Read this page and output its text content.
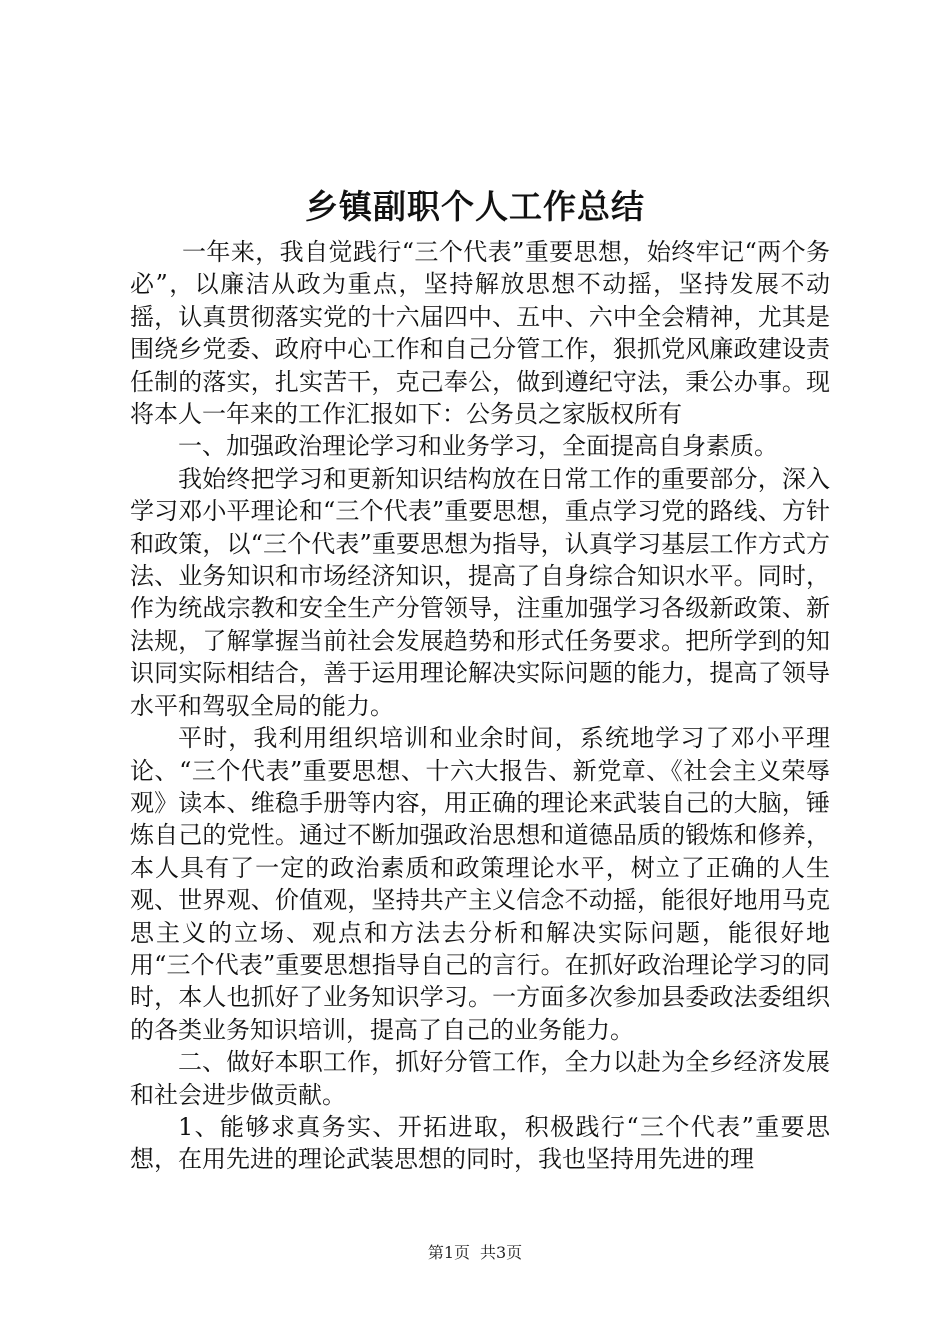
乡镇副职个人工作总结

一年来，我自觉践行“三个代表”重要思想，始终牢记“两个务必”，以廉洁从政为重点，坚持解放思想不动摇，坚持发展不动摇，认真贯彻落实党的十六届四中、五中、六中全会精神，尤其是围绕乡党委、政府中心工作和自己分管工作，狠抓党风廉政建设责任制的落实，扎实苦干，克己奉公，做到遵纪守法，秉公办事。现将本人一年来的工作汇报如下：公务员之家版权所有

一、加强政治理论学习和业务学习，全面提高自身素质。

我始终把学习和更新知识结构放在日常工作的重要部分，深入学习邓小平理论和“三个代表”重要思想，重点学习党的路线、方针和政策，以“三个代表”重要思想为指导，认真学习基层工作方式方法、业务知识和市场经济知识，提高了自身综合知识水平。同时，作为统战宗教和安全生产分管领导，注重加强学习各级新政策、新法规，了解掌握当前社会发展趋势和形式任务要求。把所学到的知识同实际相结合，善于运用理论解决实际问题的能力，提高了领导水平和驾驭全局的能力。

平时，我利用组织培训和业余时间，系统地学习了邓小平理论、“三个代表”重要思想、十六大报告、新党章、《社会主义荣辱观》读本、维稳手册等内容，用正确的理论来武装自己的大脑，锤炼自己的党性。通过不断加强政治思想和道德品质的锻炼和修养，本人具有了一定的政治素质和政策理论水平，树立了正确的人生观、世界观、价值观，坚持共产主义信念不动摇，能很好地用马克思主义的立场、观点和方法去分析和解决实际问题，能很好地用“三个代表”重要思想指导自己的言行。在抓好政治理论学习的同时，本人也抓好了业务知识学习。一方面多次参加县委政法委组织的各类业务知识培训，提高了自己的业务能力。

二、做好本职工作，抓好分管工作，全力以赴为全乡经济发展和社会进步做贡献。

1、能够求真务实、开拓进取，积极践行“三个代表”重要思想，在用先进的理论武装思想的同时，我也坚持用先进的理

第1页 共3页
